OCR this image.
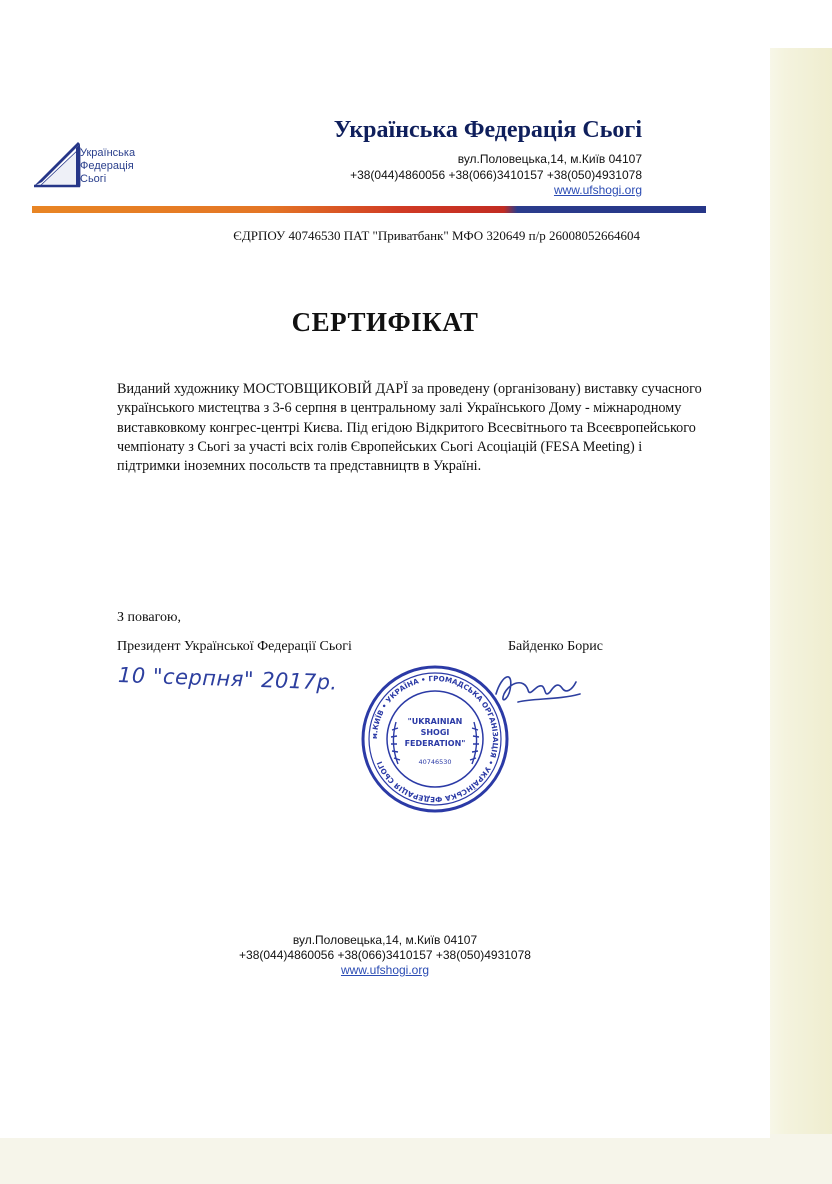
Українська
Федерація
Сьогі
Українська Федерація Сьогі
вул.Половецька,14, м.Київ 04107
+38(044)4860056 +38(066)3410157 +38(050)4931078
www.ufshogi.org
ЄДРПОУ 40746530 ПАТ "Приватбанк" МФО 320649 п/р 26008052664604
СЕРТИФІКАТ
Виданий художнику МОСТОВЩИКОВІЙ ДАРЇ за проведену (організовану) виставку сучасного українського мистецтва з 3-6 серпня в центральному залі Українського Дому - міжнародному виставковкому конгрес-центрі Києва. Під егідою Відкритого Всесвітнього та Всеєвропейського чемпіонату з Сьогі за участі всіх голів Європейських Сьогі Асоціацій (FESA Meeting) і підтримки іноземних посольств та представництв в Україні.
З повагою,
Президент Української Федерації Сьогі	Байденко Борис
10 "серпня" 2017р.
м.КИЇВ • УКРАЇНА • ГРОМАДСЬКА ОРГАНІЗАЦІЯ • УКРАЇНСЬКА ФЕДЕРАЦІЯ СЬОГІ
"UKRAINIAN
SHOGI
FEDERATION"
40746530
вул.Половецька,14, м.Київ 04107
+38(044)4860056 +38(066)3410157 +38(050)4931078
www.ufshogi.org
